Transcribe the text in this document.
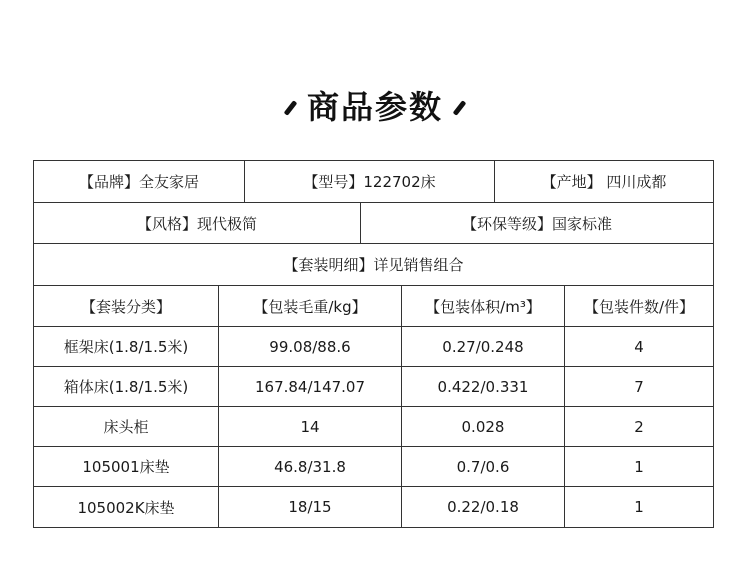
商品参数
【品牌】全友家居	【型号】122702床	【产地】 四川成都
【风格】现代极简	【环保等级】国家标准
【套装明细】详见销售组合
【套装分类】	【包装毛重/kg】	【包装体积/m³】	【包装件数/件】
框架床(1.8/1.5米)	99.08/88.6	0.27/0.248	4
箱体床(1.8/1.5米)	167.84/147.07	0.422/0.331	7
床头柜	14	0.028	2
105001床垫	46.8/31.8	0.7/0.6	1
105002K床垫	18/15	0.22/0.18	1
